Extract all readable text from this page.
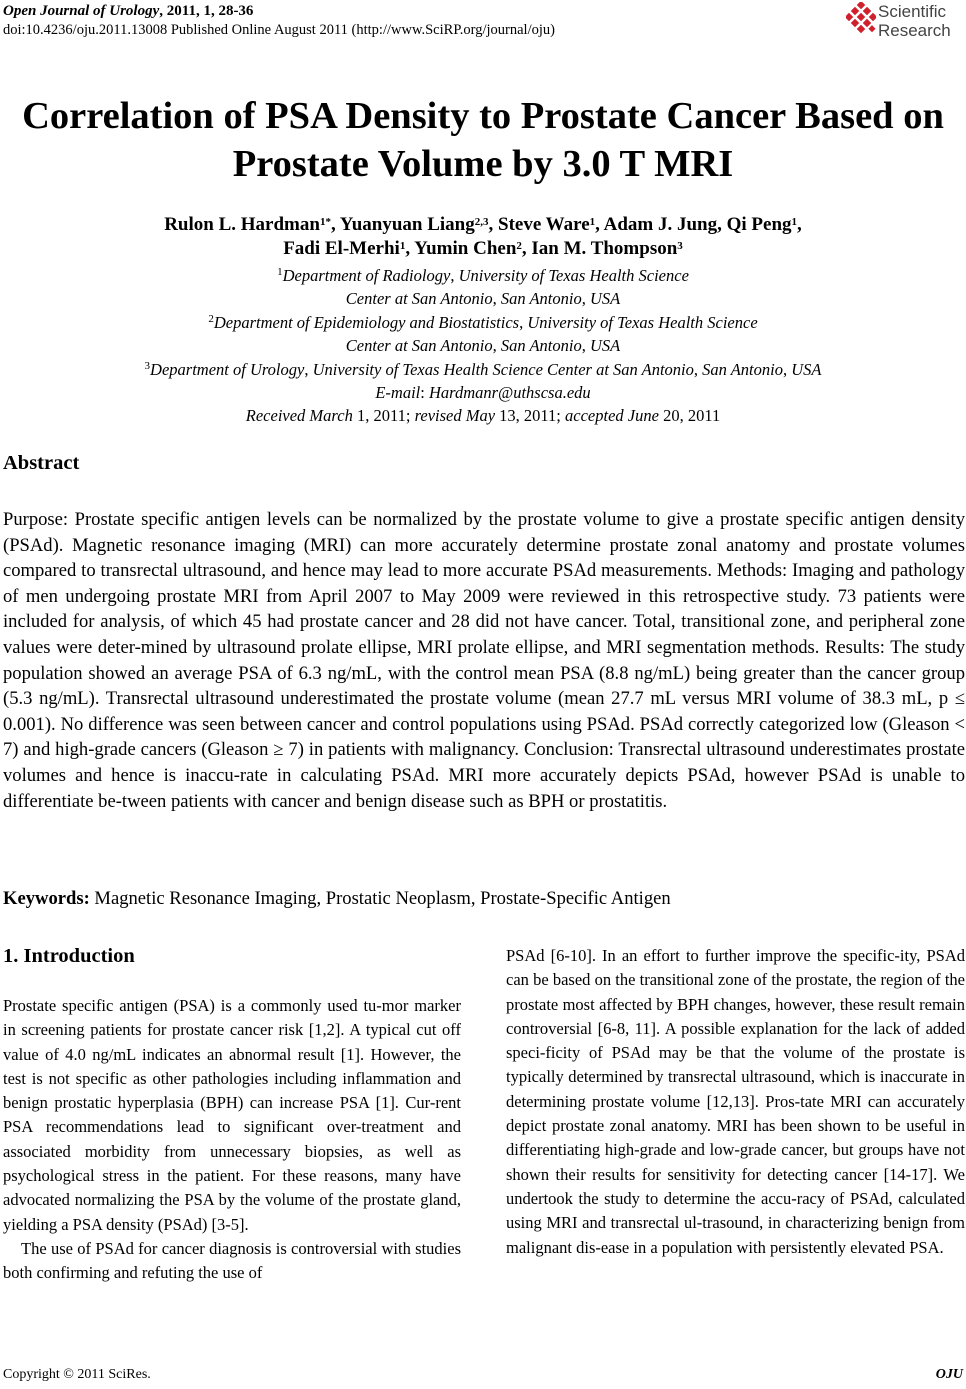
Open Journal of Urology, 2011, 1, 28-36
doi:10.4236/oju.2011.13008 Published Online August 2011 (http://www.SciRP.org/journal/oju)
Scientific
Research
Correlation of PSA Density to Prostate Cancer Based on
Prostate Volume by 3.0 T MRI
Rulon L. Hardman$^{1*}$, Yuanyuan Liang$^{2,3}$, Steve Ware$^1$, Adam J. Jung, Qi Peng$^1$,
Fadi El-Merhi$^1$, Yumin Chen$^2$, Ian M. Thompson$^3$
$^1$Department of Radiology, University of Texas Health Science
Center at San Antonio, San Antonio, USA
$^2$Department of Epidemiology and Biostatistics, University of Texas Health Science
Center at San Antonio, San Antonio, USA
$^3$Department of Urology, University of Texas Health Science Center at San Antonio, San Antonio, USA
E-mail: Hardmanr@uthscsa.edu
Received March 1, 2011; revised May 13, 2011; accepted June 20, 2011
Abstract
Purpose: Prostate specific antigen levels can be normalized by the prostate volume to give a prostate specific antigen density (PSAd). Magnetic resonance imaging (MRI) can more accurately determine prostate zonal anatomy and prostate volumes compared to transrectal ultrasound, and hence may lead to more accurate PSAd measurements. Methods: Imaging and pathology of men undergoing prostate MRI from April 2007 to May 2009 were reviewed in this retrospective study. 73 patients were included for analysis, of which 45 had prostate cancer and 28 did not have cancer. Total, transitional zone, and peripheral zone values were deter-mined by ultrasound prolate ellipse, MRI prolate ellipse, and MRI segmentation methods. Results: The study population showed an average PSA of 6.3 ng/mL, with the control mean PSA (8.8 ng/mL) being greater than the cancer group (5.3 ng/mL). Transrectal ultrasound underestimated the prostate volume (mean 27.7 mL versus MRI volume of 38.3 mL, p ≤ 0.001). No difference was seen between cancer and control populations using PSAd. PSAd correctly categorized low (Gleason < 7) and high-grade cancers (Gleason ≥ 7) in patients with malignancy. Conclusion: Transrectal ultrasound underestimates prostate volumes and hence is inaccu-rate in calculating PSAd. MRI more accurately depicts PSAd, however PSAd is unable to differentiate be-tween patients with cancer and benign disease such as BPH or prostatitis.
Keywords: Magnetic Resonance Imaging, Prostatic Neoplasm, Prostate-Specific Antigen
1. Introduction

Prostate specific antigen (PSA) is a commonly used tu-mor marker in screening patients for prostate cancer risk [1,2]. A typical cut off value of 4.0 ng/mL indicates an abnormal result [1]. However, the test is not specific as other pathologies including inflammation and benign prostatic hyperplasia (BPH) can increase PSA [1]. Cur-rent PSA recommendations lead to significant over-treatment and associated morbidity from unnecessary biopsies, as well as psychological stress in the patient. For these reasons, many have advocated normalizing the PSA by the volume of the prostate gland, yielding a PSA density (PSAd) [3-5].

The use of PSAd for cancer diagnosis is controversial with studies both confirming and refuting the use of

PSAd [6-10]. In an effort to further improve the specific-ity, PSAd can be based on the transitional zone of the prostate, the region of the prostate most affected by BPH changes, however, these result remain controversial [6-8, 11]. A possible explanation for the lack of added speci-ficity of PSAd may be that the volume of the prostate is typically determined by transrectal ultrasound, which is inaccurate in determining prostate volume [12,13]. Pros-tate MRI can accurately depict prostate zonal anatomy. MRI has been shown to be useful in differentiating high-grade and low-grade cancer, but groups have not shown their results for sensitivity for detecting cancer [14-17]. We undertook the study to determine the accu-racy of PSAd, calculated using MRI and transrectal ul-trasound, in characterizing benign from malignant dis-ease in a population with persistently elevated PSA.

Copyright © 2011 SciRes.	OJU
